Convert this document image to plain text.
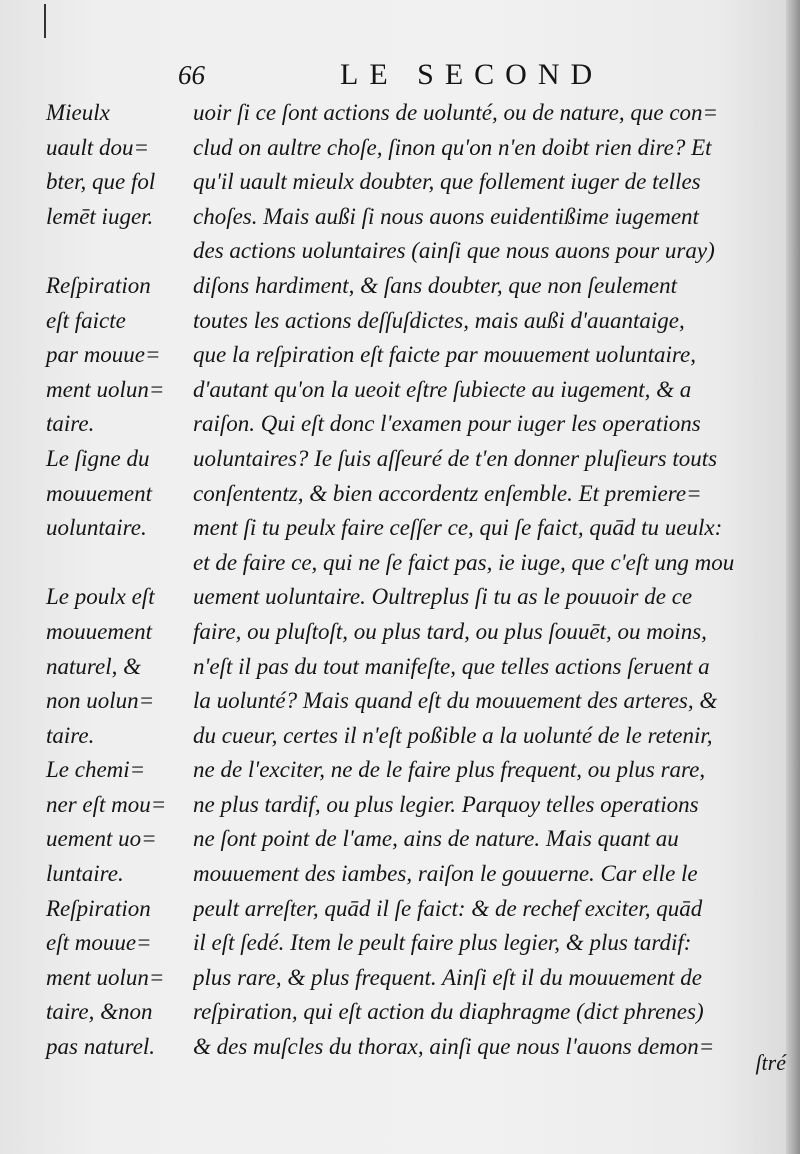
66	LE SECOND
Mieulx
uault dou=
bter, que fol
lemēt iuger.
Reſpiration
eſt faicte
par mouue=
ment uolun=
taire.
Le ſigne du
mouuement
uoluntaire.
Le poulx eſt
mouuement
naturel, &
non uolun=
taire.
Le chemi=
ner eſt mou=
uement uo=
luntaire.
Reſpiration
eſt mouue=
ment uolun=
taire, &non
pas naturel.
uoir ſi ce ſont actions de uolunté, ou de nature, que con=
clud on aultre choſe, ſinon qu'on n'en doibt rien dire? Et
qu'il uault mieulx doubter, que follement iuger de telles
choſes. Mais außi ſi nous auons euidentißime iugement
des actions uoluntaires (ainſi que nous auons pour uray)
diſons hardiment, & ſans doubter, que non ſeulement
toutes les actions deſſuſdictes, mais außi d'auantaige,
que la reſpiration eſt faicte par mouuement uoluntaire,
d'autant qu'on la ueoit eſtre ſubiecte au iugement, & a
raiſon. Qui eſt donc l'examen pour iuger les operations
uoluntaires? Ie ſuis aſſeuré de t'en donner pluſieurs touts
conſententz, & bien accordentz enſemble. Et premiere=
ment ſi tu peulx faire ceſſer ce, qui ſe faict, quād tu ueulx:
et de faire ce, qui ne ſe faict pas, ie iuge, que c'eſt ung mou
uement uoluntaire. Oultreplus ſi tu as le pouuoir de ce
faire, ou pluſtoſt, ou plus tard, ou plus ſouuēt, ou moins,
n'eſt il pas du tout manifeſte, que telles actions ſeruent a
la uolunté? Mais quand eſt du mouuement des arteres, &
du cueur, certes il n'eſt poßible a la uolunté de le retenir,
ne de l'exciter, ne de le faire plus frequent, ou plus rare,
ne plus tardif, ou plus legier. Parquoy telles operations
ne ſont point de l'ame, ains de nature. Mais quant au
mouuement des iambes, raiſon le gouuerne. Car elle le
peult arreſter, quād il ſe faict: & de rechef exciter, quād
il eſt ſedé. Item le peult faire plus legier, & plus tardif:
plus rare, & plus frequent. Ainſi eſt il du mouuement de
reſpiration, qui eſt action du diaphragme (dict phrenes)
& des muſcles du thorax, ainſi que nous l'auons demon=
ſtré
